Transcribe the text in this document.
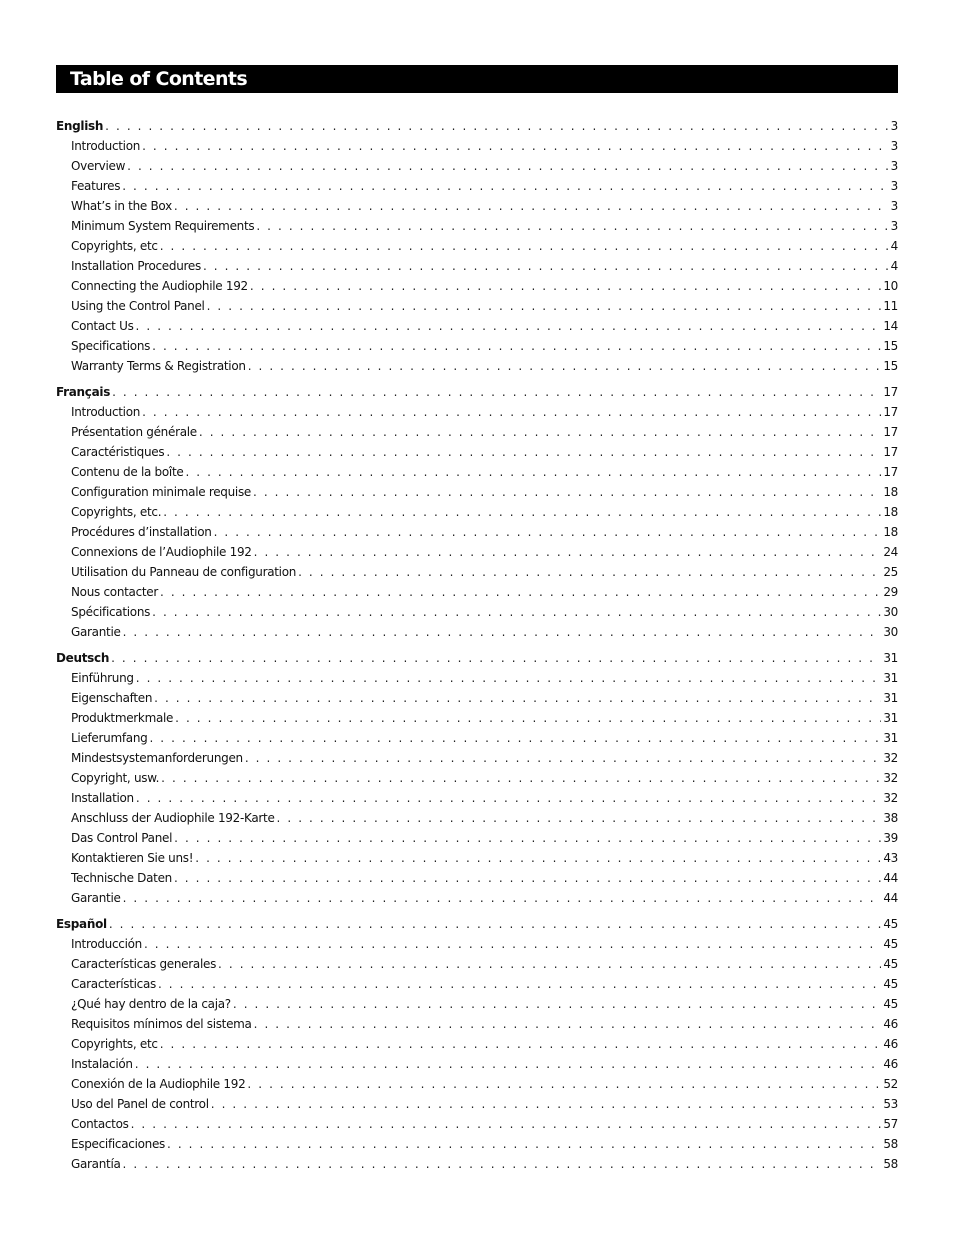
Table of Contents
English . . .	3
Introduction . . .	3
Overview . . .	3
Features . . .	3
What’s in the Box . . .	3
Minimum System Requirements . . .	3
Copyrights, etc . . .	4
Installation Procedures . . .	4
Connecting the Audiophile 192 . . .	10
Using the Control Panel . . .	11
Contact Us . . .	14
Specifications . . .	15
Warranty Terms & Registration . . .	15
Français . . .	17
Introduction . . .	17
Présentation générale . . .	17
Caractéristiques . . .	17
Contenu de la boîte . . .	17
Configuration minimale requise . . .	18
Copyrights, etc. . . .	18
Procédures d’installation . . .	18
Connexions de l’Audiophile 192 . . .	24
Utilisation du Panneau de configuration . . .	25
Nous contacter . . .	29
Spécifications . . .	30
Garantie . . .	30
Deutsch . . .	31
Einführung . . .	31
Eigenschaften . . .	31
Produktmerkmale . . .	31
Lieferumfang . . .	31
Mindestsystemanforderungen . . .	32
Copyright, usw. . . .	32
Installation . . .	32
Anschluss der Audiophile 192-Karte . . .	38
Das Control Panel . . .	39
Kontaktieren Sie uns! . . .	43
Technische Daten . . .	44
Garantie . . .	44
Español . . .	45
Introducción . . .	45
Características generales . . .	45
Características . . .	45
¿Qué hay dentro de la caja? . . .	45
Requisitos mínimos del sistema . . .	46
Copyrights, etc . . .	46
Instalación . . .	46
Conexión de la Audiophile 192 . . .	52
Uso del Panel de control . . .	53
Contactos . . .	57
Especificaciones . . .	58
Garantía . . .	58
